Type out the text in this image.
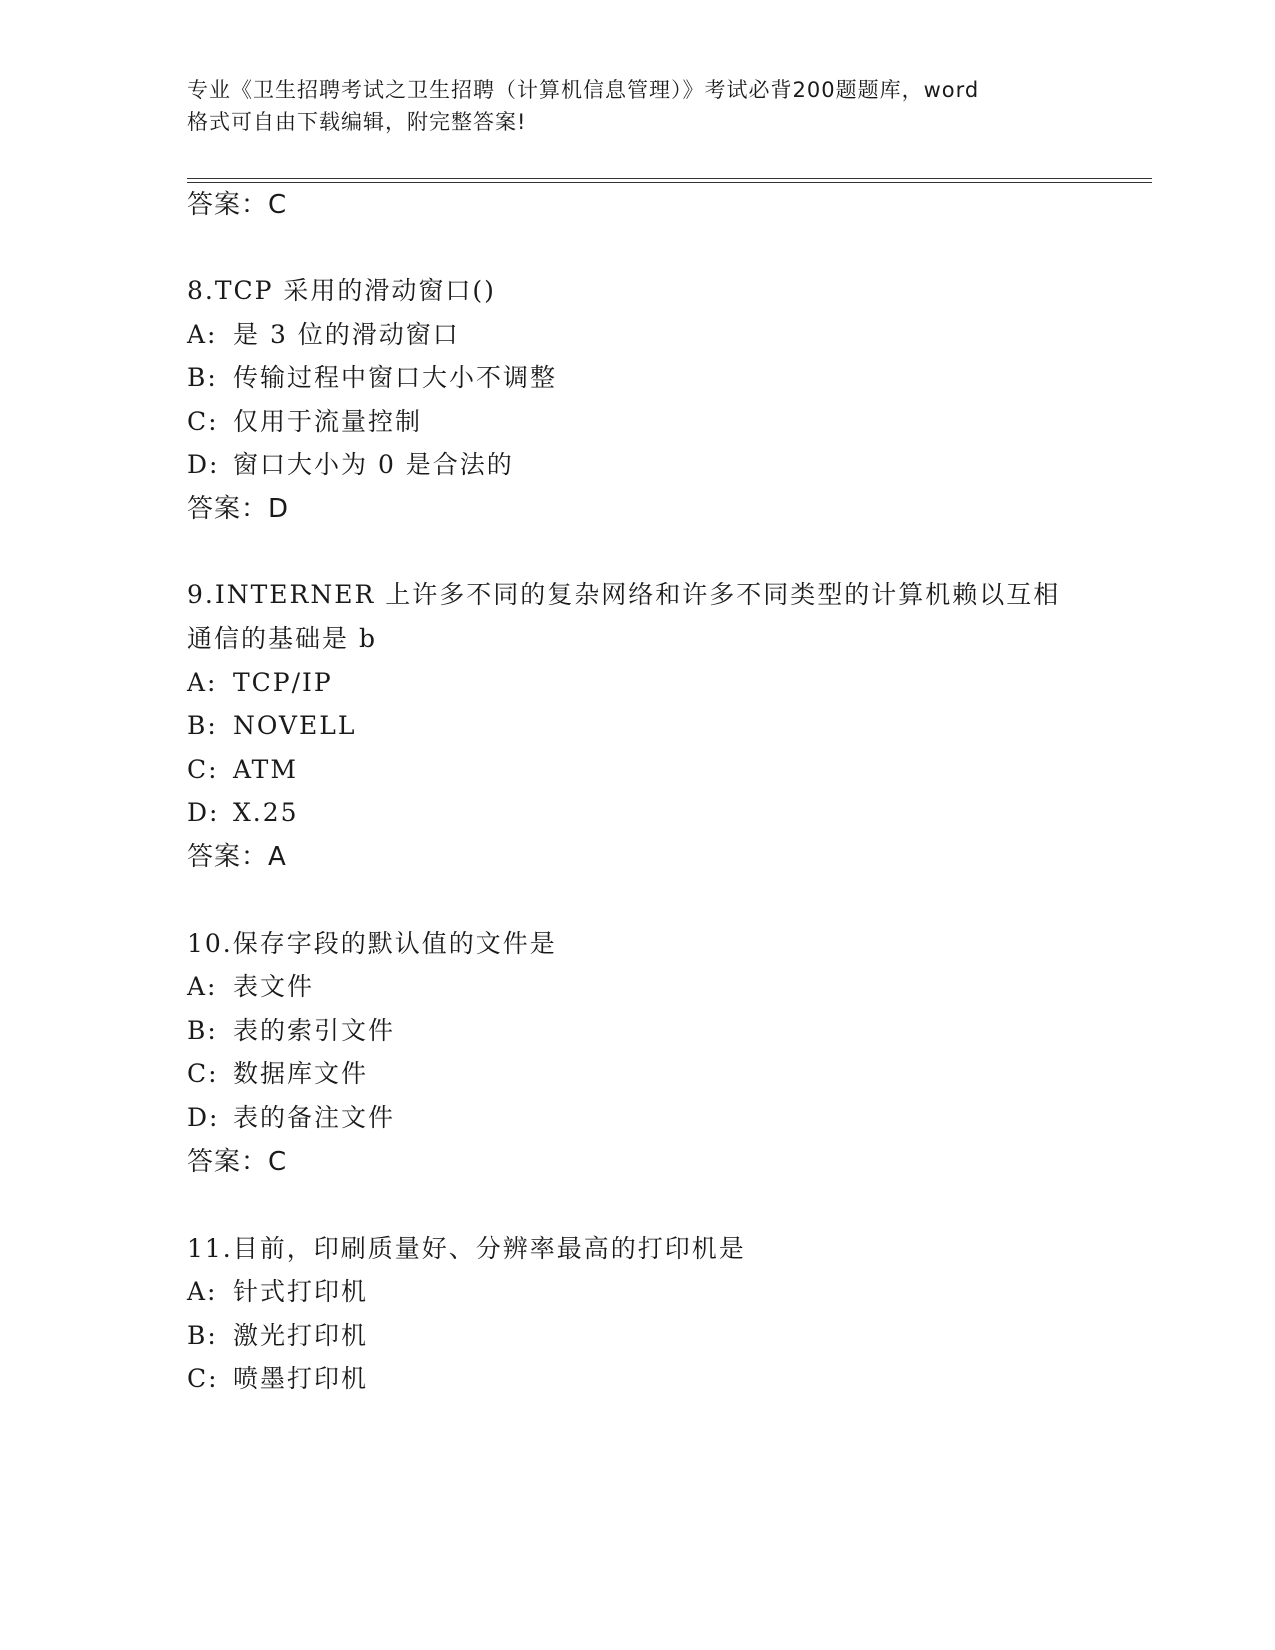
专业《卫生招聘考试之卫生招聘（计算机信息管理）》考试必背200题题库，word
格式可自由下载编辑，附完整答案!
答案：C
8.TCP 采用的滑动窗口()
A: 是 3 位的滑动窗口
B: 传输过程中窗口大小不调整
C: 仅用于流量控制
D: 窗口大小为 0 是合法的
答案：D
9.INTERNER 上许多不同的复杂网络和许多不同类型的计算机赖以互相
通信的基础是 b
A: TCP/IP
B: NOVELL
C: ATM
D: X.25
答案：A
10.保存字段的默认值的文件是
A: 表文件
B: 表的索引文件
C: 数据库文件
D: 表的备注文件
答案：C
11.目前，印刷质量好、分辨率最高的打印机是
A: 针式打印机
B: 激光打印机
C: 喷墨打印机
